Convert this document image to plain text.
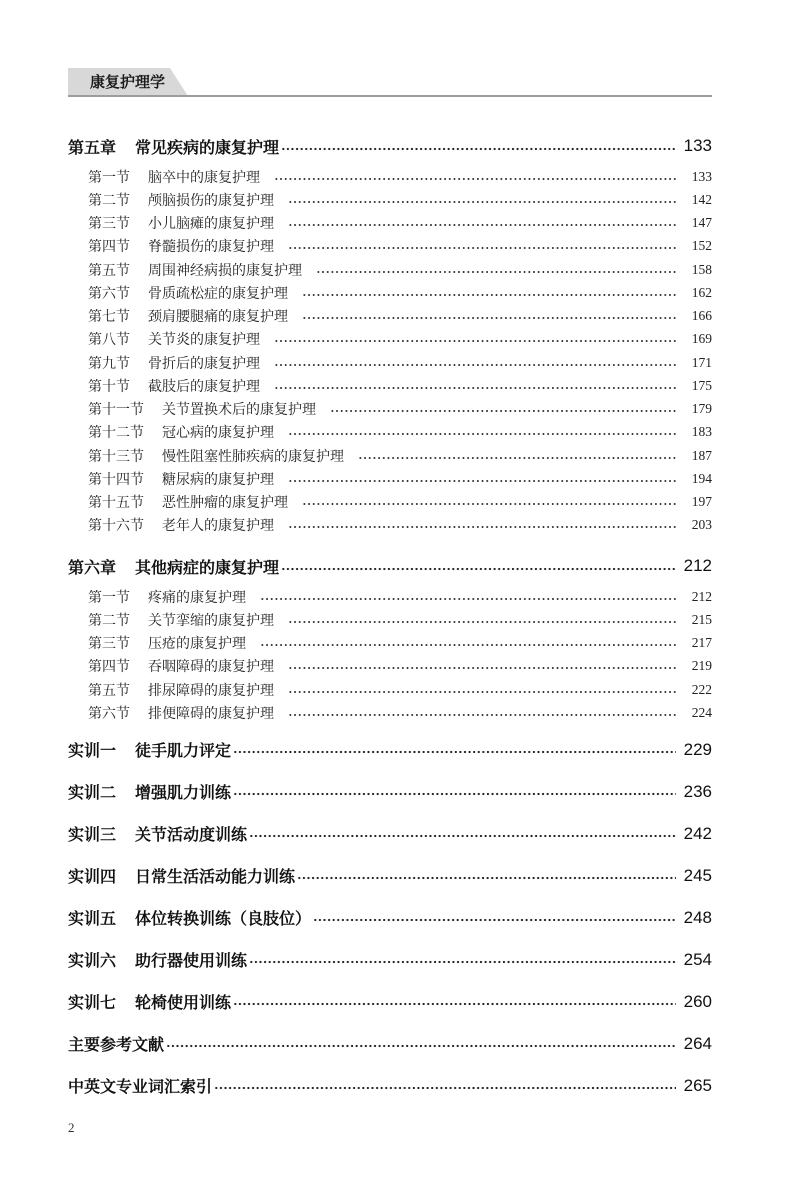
康复护理学
第五章	常见疾病的康复护理	133
第一节 脑卒中的康复护理	133
第二节 颅脑损伤的康复护理	142
第三节 小儿脑瘫的康复护理	147
第四节 脊髓损伤的康复护理	152
第五节 周围神经病损的康复护理	158
第六节 骨质疏松症的康复护理	162
第七节 颈肩腰腿痛的康复护理	166
第八节 关节炎的康复护理	169
第九节 骨折后的康复护理	171
第十节 截肢后的康复护理	175
第十一节 关节置换术后的康复护理	179
第十二节 冠心病的康复护理	183
第十三节 慢性阻塞性肺疾病的康复护理	187
第十四节 糖尿病的康复护理	194
第十五节 恶性肿瘤的康复护理	197
第十六节 老年人的康复护理	203
第六章	其他病症的康复护理	212
第一节 疼痛的康复护理	212
第二节 关节挛缩的康复护理	215
第三节 压疮的康复护理	217
第四节 吞咽障碍的康复护理	219
第五节 排尿障碍的康复护理	222
第六节 排便障碍的康复护理	224
实训一	徒手肌力评定	229
实训二	增强肌力训练	236
实训三	关节活动度训练	242
实训四	日常生活活动能力训练	245
实训五	体位转换训练（良肢位）	248
实训六	助行器使用训练	254
实训七	轮椅使用训练	260
主要参考文献	264
中英文专业词汇索引	265
2
